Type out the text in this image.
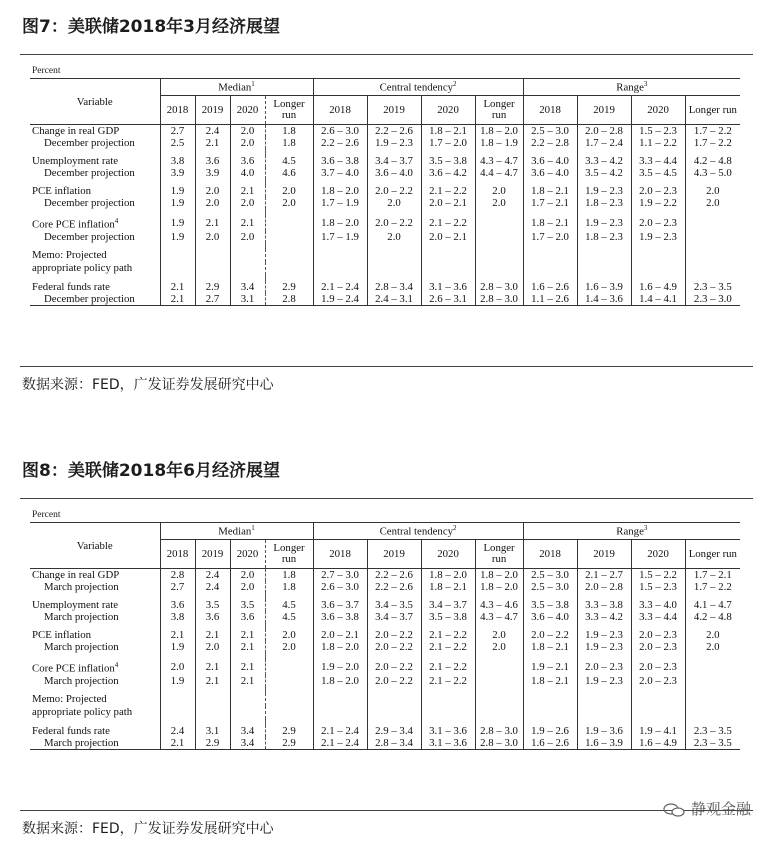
图7：美联储2018年3月经济展望
Percent
Variable	Median$^1$				Central tendency$^2$				Range$^3$
	2018	2019	2020	Longer run	2018	2019	2020	Longer run	2018	2019	2020	Longer run
Change in real GDP	2.7	2.4	2.0	1.8	2.6 – 3.0	2.2 – 2.6	1.8 – 2.1	1.8 – 2.0	2.5 – 3.0	2.0 – 2.8	1.5 – 2.3	1.7 – 2.2
December projection	2.5	2.1	2.0	1.8	2.2 – 2.6	1.9 – 2.3	1.7 – 2.0	1.8 – 1.9	2.2 – 2.8	1.7 – 2.4	1.1 – 2.2	1.7 – 2.2

Unemployment rate	3.8	3.6	3.6	4.5	3.6 – 3.8	3.4 – 3.7	3.5 – 3.8	4.3 – 4.7	3.6 – 4.0	3.3 – 4.2	3.3 – 4.4	4.2 – 4.8
December projection	3.9	3.9	4.0	4.6	3.7 – 4.0	3.6 – 4.0	3.6 – 4.2	4.4 – 4.7	3.6 – 4.0	3.5 – 4.2	3.5 – 4.5	4.3 – 5.0

PCE inflation	1.9	2.0	2.1	2.0	1.8 – 2.0	2.0 – 2.2	2.1 – 2.2	2.0	1.8 – 2.1	1.9 – 2.3	2.0 – 2.3	2.0
December projection	1.9	2.0	2.0	2.0	1.7 – 1.9	2.0	2.0 – 2.1	2.0	1.7 – 2.1	1.8 – 2.3	1.9 – 2.2	2.0

Core PCE inflation$^4$	1.9	2.1	2.1		1.8 – 2.0	2.0 – 2.2	2.1 – 2.2		1.8 – 2.1	1.9 – 2.3	2.0 – 2.3	
December projection	1.9	2.0	2.0		1.7 – 1.9	2.0	2.0 – 2.1		1.7 – 2.0	1.8 – 2.3	1.9 – 2.3	

Memo: Projected												
appropriate policy path												

Federal funds rate	2.1	2.9	3.4	2.9	2.1 – 2.4	2.8 – 3.4	3.1 – 3.6	2.8 – 3.0	1.6 – 2.6	1.6 – 3.9	1.6 – 4.9	2.3 – 3.5
December projection	2.1	2.7	3.1	2.8	1.9 – 2.4	2.4 – 3.1	2.6 – 3.1	2.8 – 3.0	1.1 – 2.6	1.4 – 3.6	1.4 – 4.1	2.3 – 3.0
数据来源：FED，广发证券发展研究中心
图8：美联储2018年6月经济展望
Percent
Variable	Median$^1$				Central tendency$^2$				Range$^3$
	2018	2019	2020	Longer run	2018	2019	2020	Longer run	2018	2019	2020	Longer run
Change in real GDP	2.8	2.4	2.0	1.8	2.7 – 3.0	2.2 – 2.6	1.8 – 2.0	1.8 – 2.0	2.5 – 3.0	2.1 – 2.7	1.5 – 2.2	1.7 – 2.1
March projection	2.7	2.4	2.0	1.8	2.6 – 3.0	2.2 – 2.6	1.8 – 2.1	1.8 – 2.0	2.5 – 3.0	2.0 – 2.8	1.5 – 2.3	1.7 – 2.2

Unemployment rate	3.6	3.5	3.5	4.5	3.6 – 3.7	3.4 – 3.5	3.4 – 3.7	4.3 – 4.6	3.5 – 3.8	3.3 – 3.8	3.3 – 4.0	4.1 – 4.7
March projection	3.8	3.6	3.6	4.5	3.6 – 3.8	3.4 – 3.7	3.5 – 3.8	4.3 – 4.7	3.6 – 4.0	3.3 – 4.2	3.3 – 4.4	4.2 – 4.8

PCE inflation	2.1	2.1	2.1	2.0	2.0 – 2.1	2.0 – 2.2	2.1 – 2.2	2.0	2.0 – 2.2	1.9 – 2.3	2.0 – 2.3	2.0
March projection	1.9	2.0	2.1	2.0	1.8 – 2.0	2.0 – 2.2	2.1 – 2.2	2.0	1.8 – 2.1	1.9 – 2.3	2.0 – 2.3	2.0

Core PCE inflation$^4$	2.0	2.1	2.1		1.9 – 2.0	2.0 – 2.2	2.1 – 2.2		1.9 – 2.1	2.0 – 2.3	2.0 – 2.3	
March projection	1.9	2.1	2.1		1.8 – 2.0	2.0 – 2.2	2.1 – 2.2		1.8 – 2.1	1.9 – 2.3	2.0 – 2.3	

Memo: Projected												
appropriate policy path												

Federal funds rate	2.4	3.1	3.4	2.9	2.1 – 2.4	2.9 – 3.4	3.1 – 3.6	2.8 – 3.0	1.9 – 2.6	1.9 – 3.6	1.9 – 4.1	2.3 – 3.5
March projection	2.1	2.9	3.4	2.9	2.1 – 2.4	2.8 – 3.4	3.1 – 3.6	2.8 – 3.0	1.6 – 2.6	1.6 – 3.9	1.6 – 4.9	2.3 – 3.5
数据来源：FED，广发证券发展研究中心
静观金融
